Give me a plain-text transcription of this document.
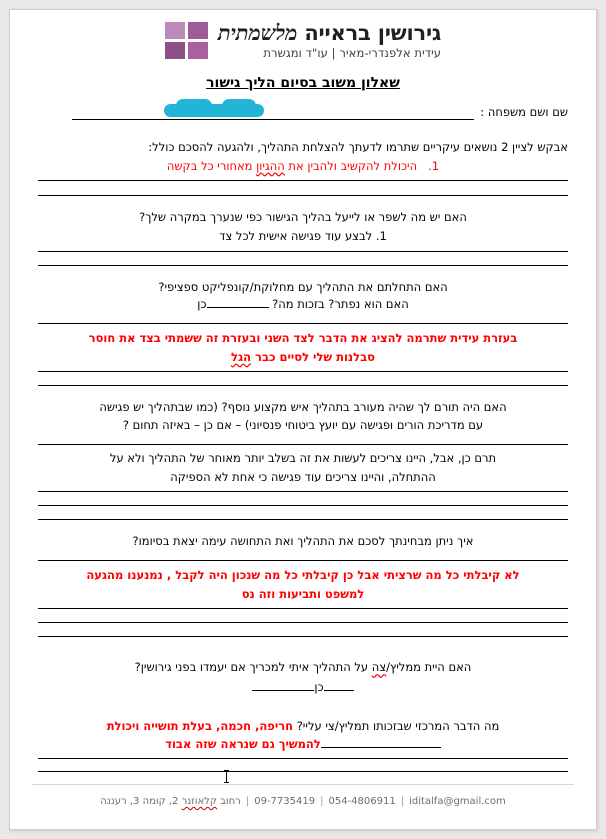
גירושין בראייה מלשמתית
עידית אלפנדרי-מאיר | עו"ד ומגשרת
שאלון משוב בסיום הליך גישור
שם ושם משפחה :
אבקש לציין 2 נושאים עיקריים שתרמו לדעתך להצלחת התהליך, ולהגעה להסכם כולל:
1.   היכולת להקשיב ולהבין את ההגיון מאחורי כל בקשה
האם יש מה לשפר או לייעל בהליך הגישור כפי שנערך במקרה שלך?
1. לבצע עוד פגישה אישית לכל צד
האם התחלתם את התהליך עם מחלוקת/קונפליקט ספציפי?
האם הוא נפתר? בזכות מה? כן
בעזרת עידית שתרמה להציג את הדבר לצד השני ובעזרת זה ששמתי בצד את חוסר
סבלנות שלי לסיים כבר הגל
האם היה תורם לך שהיה מעורב בתהליך איש מקצוע נוסף? (כמו שבתהליך יש פגישה
עם מדריכת הורים ופגישה עם יועץ ביטוחי פנסיוני) – אם כן – באיזה תחום ?
תרם כן, אבל, היינו צריכים לעשות את זה בשלב יותר מאוחר של התהליך ולא על
ההתחלה, והיינו צריכים עוד פגישה כי אחת לא הספיקה
איך ניתן מבחינתך לסכם את התהליך ואת התחושה עימה יצאת בסיומו?
לא קיבלתי כל מה שרציתי אבל כן קיבלתי כל מה שנכון היה לקבל , נמנענו מהגעה
למשפט ותביעות וזה נס
האם היית ממליץ/צה על התהליך איתי למכריך אם יעמדו בפני גירושין?
כן
מה הדבר המרכזי שבזכותו תמליץ/צי עליי? חריפה, חכמה, בעלת תושייה ויכולת
להמשיך גם שנראה שזה אבוד
iditalfa@gmail.com|054-4806911|09-7735419|רחוב קלאוזנר 2, קומה 3, רעננה
